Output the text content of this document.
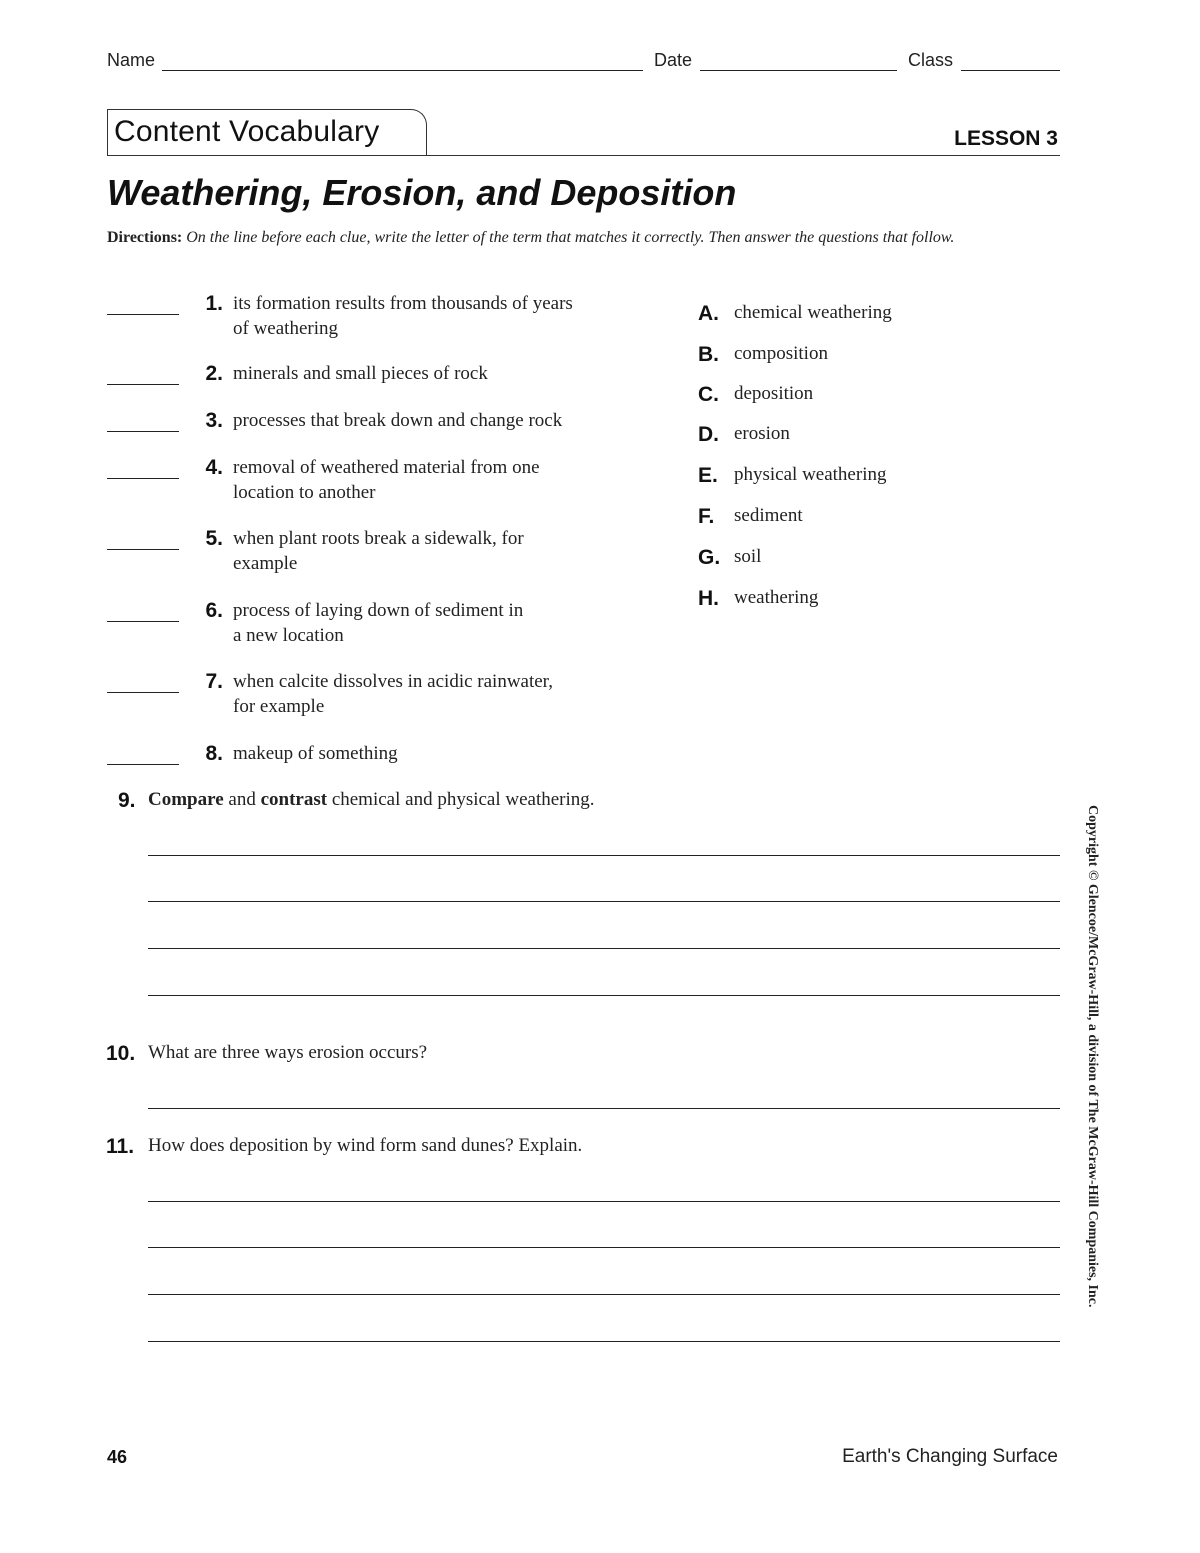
Name	Date	Class
Content Vocabulary	LESSON 3
Weathering, Erosion, and Deposition
Directions: On the line before each clue, write the letter of the term that matches it correctly. Then answer the questions that follow.
1. its formation results from thousands of years
of weathering
2. minerals and small pieces of rock
3. processes that break down and change rock
4. removal of weathered material from one
location to another
5. when plant roots break a sidewalk, for
example
6. process of laying down of sediment in
a new location
7. when calcite dissolves in acidic rainwater,
for example
8. makeup of something
A. chemical weathering
B. composition
C. deposition
D. erosion
E. physical weathering
F. sediment
G. soil
H. weathering
9. Compare and contrast chemical and physical weathering.
10. What are three ways erosion occurs?
11. How does deposition by wind form sand dunes? Explain.	Copyright © Glencoe/McGraw-Hill, a division of The McGraw-Hill Companies, Inc.
46	Earth's Changing Surface
